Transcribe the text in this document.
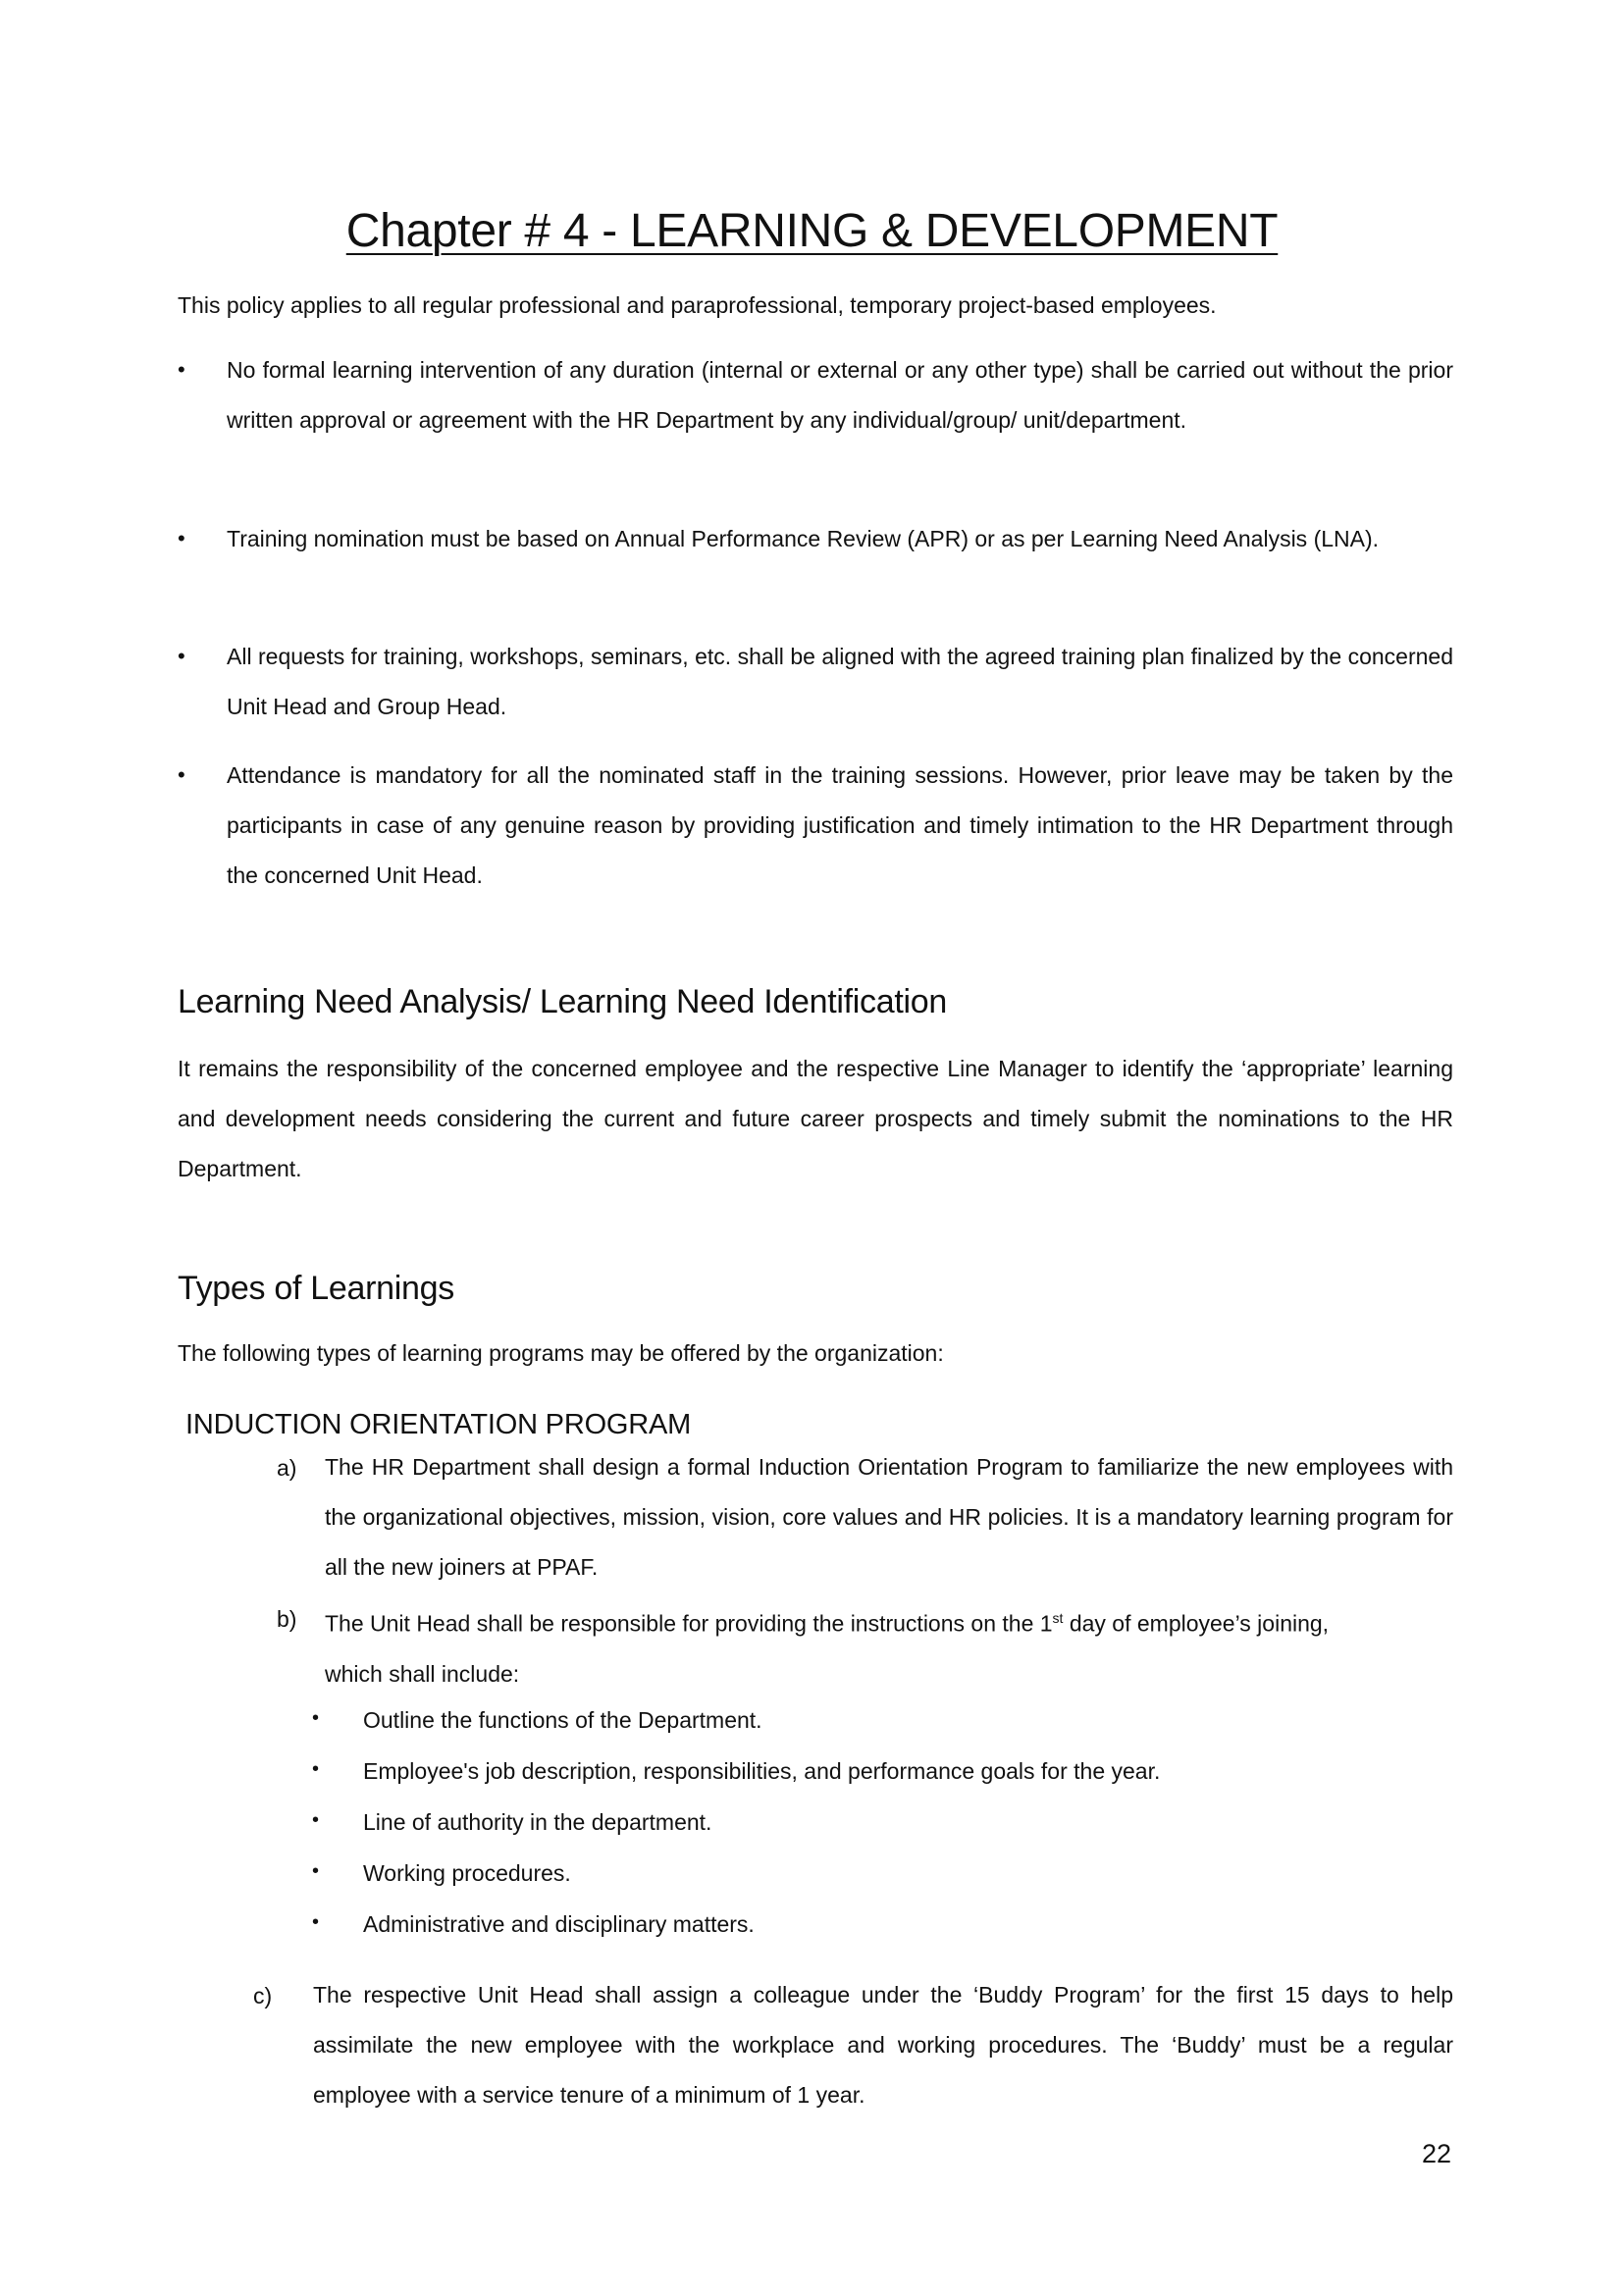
Chapter # 4 - LEARNING & DEVELOPMENT
This policy applies to all regular professional and paraprofessional, temporary project-based employees.
•	No formal learning intervention of any duration (internal or external or any other type) shall be carried out without the prior written approval or agreement with the HR Department by any individual/group/ unit/department.
•	Training nomination must be based on Annual Performance Review (APR) or as per Learning Need Analysis (LNA).
•	All requests for training, workshops, seminars, etc. shall be aligned with the agreed training plan finalized by the concerned Unit Head and Group Head.
•	Attendance is mandatory for all the nominated staff in the training sessions. However, prior leave may be taken by the participants in case of any genuine reason by providing justification and timely intimation to the HR Department through the concerned Unit Head.
Learning Need Analysis/ Learning Need Identification
It remains the responsibility of the concerned employee and the respective Line Manager to identify the ‘appropriate’ learning and development needs considering the current and future career prospects and timely submit the nominations to the HR Department.
Types of Learnings
The following types of learning programs may be offered by the organization:
INDUCTION ORIENTATION PROGRAM
a) The HR Department shall design a formal Induction Orientation Program to familiarize the new employees with the organizational objectives, mission, vision, core values and HR policies. It is a mandatory learning program for all the new joiners at PPAF.
b) The Unit Head shall be responsible for providing the instructions on the 1st day of employee’s joining,
which shall include:
• Outline the functions of the Department.
• Employee's job description, responsibilities, and performance goals for the year.
• Line of authority in the department.
• Working procedures.
• Administrative and disciplinary matters.
c) The respective Unit Head shall assign a colleague under the ‘Buddy Program’ for the first 15 days to help assimilate the new employee with the workplace and working procedures. The ‘Buddy’ must be a regular employee with a service tenure of a minimum of 1 year.
22
